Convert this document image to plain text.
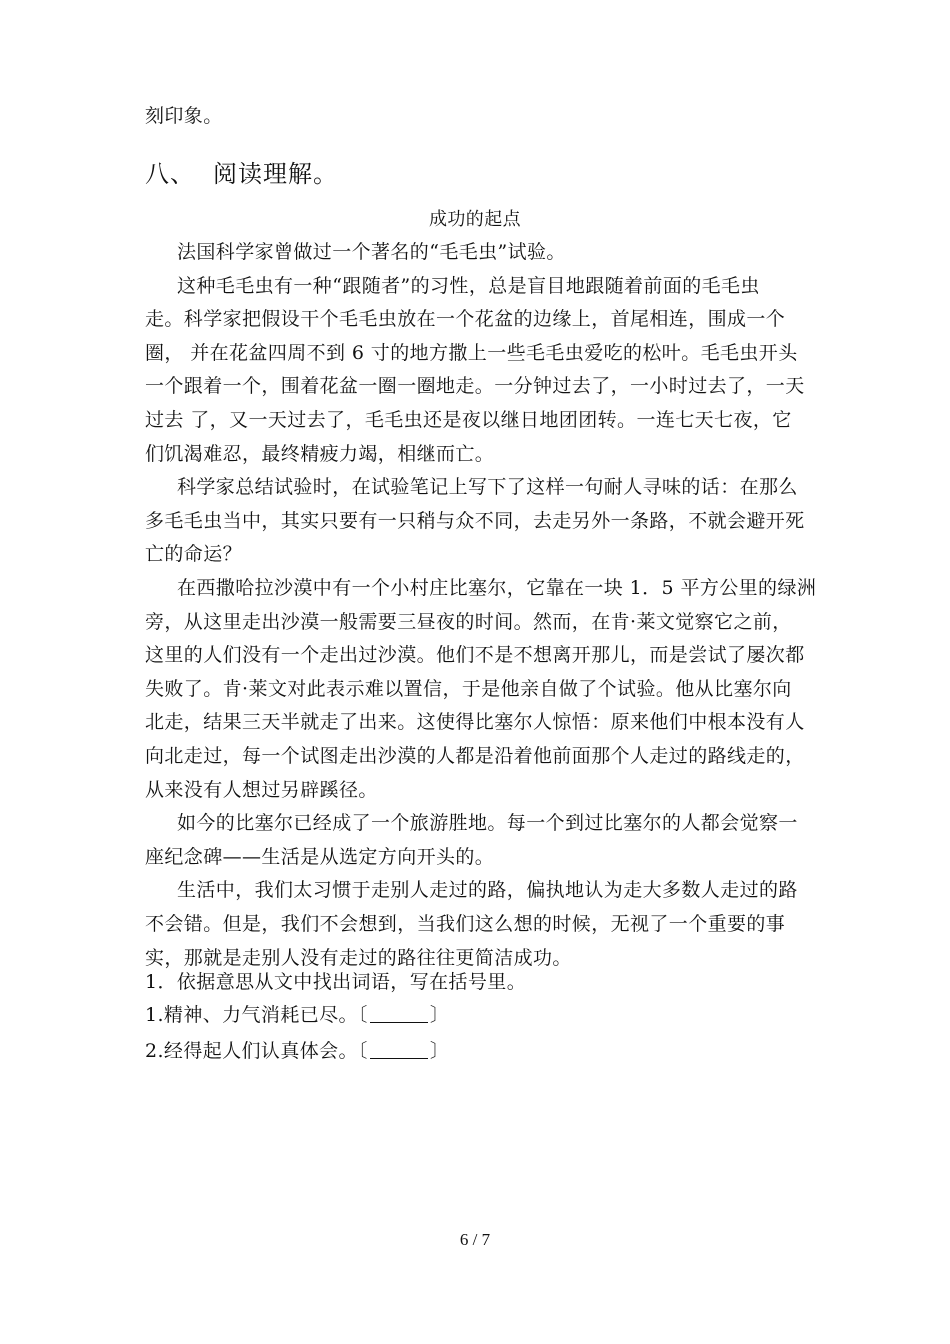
刻印象。
八、 阅读理解。
成功的起点
法国科学家曾做过一个著名的“毛毛虫”试验。
这种毛毛虫有一种“跟随者”的习性，总是盲目地跟随着前面的毛毛虫
走。科学家把假设干个毛毛虫放在一个花盆的边缘上，首尾相连，围成一个
圈， 并在花盆四周不到 6 寸的地方撒上一些毛毛虫爱吃的松叶。毛毛虫开头
一个跟着一个，围着花盆一圈一圈地走。一分钟过去了，一小时过去了，一天
过去 了，又一天过去了，毛毛虫还是夜以继日地团团转。一连七天七夜，它
们饥渴难忍，最终精疲力竭，相继而亡。
科学家总结试验时，在试验笔记上写下了这样一句耐人寻味的话：在那么
多毛毛虫当中，其实只要有一只稍与众不同，去走另外一条路，不就会避开死
亡的命运？
在西撒哈拉沙漠中有一个小村庄比塞尔，它靠在一块 1．5 平方公里的绿洲
旁，从这里走出沙漠一般需要三昼夜的时间。然而，在肯·莱文觉察它之前，
这里的人们没有一个走出过沙漠。他们不是不想离开那儿，而是尝试了屡次都
失败了。肯·莱文对此表示难以置信，于是他亲自做了个试验。他从比塞尔向
北走，结果三天半就走了出来。这使得比塞尔人惊悟：原来他们中根本没有人
向北走过，每一个试图走出沙漠的人都是沿着他前面那个人走过的路线走的，
从来没有人想过另辟蹊径。
如今的比塞尔已经成了一个旅游胜地。每一个到过比塞尔的人都会觉察一
座纪念碑——生活是从选定方向开头的。
生活中，我们太习惯于走别人走过的路，偏执地认为走大多数人走过的路
不会错。但是，我们不会想到，当我们这么想的时候，无视了一个重要的事
实，那就是走别人没有走过的路往往更简洁成功。
1．依据意思从文中找出词语，写在括号里。
1.精神、力气消耗已尽。〔	〕
2.经得起人们认真体会。〔	〕
6 / 7
